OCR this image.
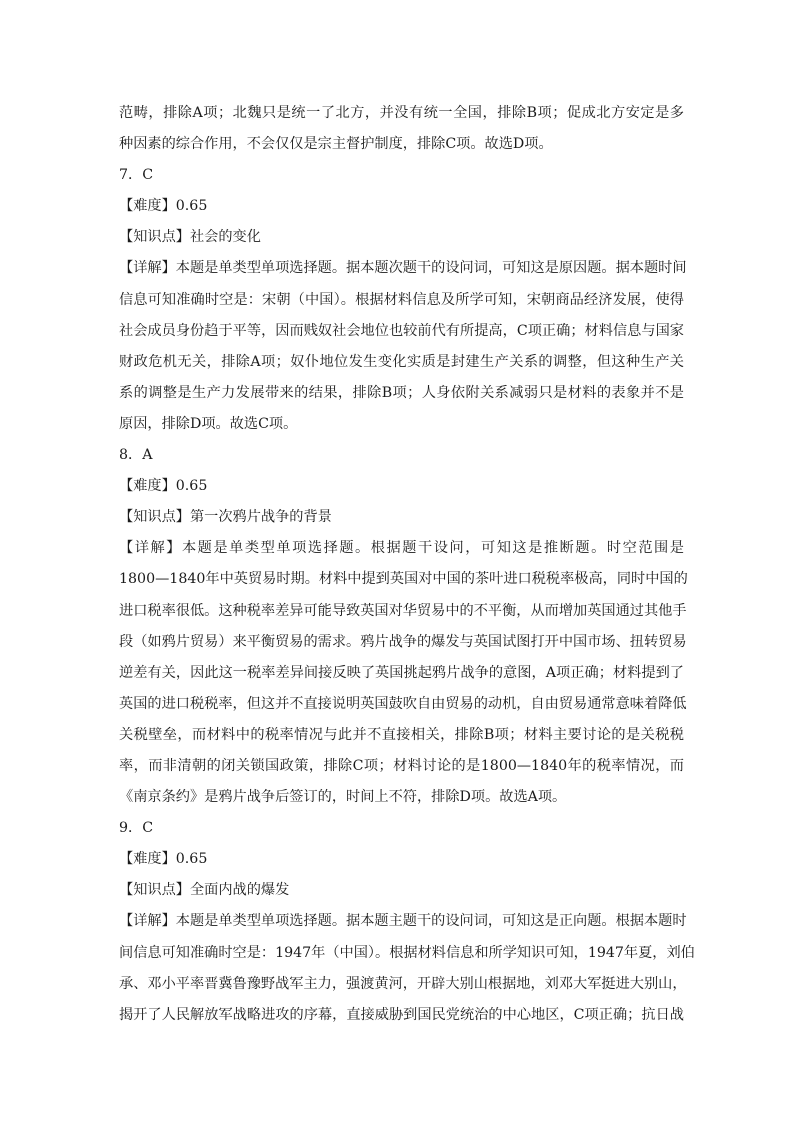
范畴，排除A项；北魏只是统一了北方，并没有统一全国，排除B项；促成北方安定是多
种因素的综合作用，不会仅仅是宗主督护制度，排除C项。故选D项。
7．C
【难度】0.65
【知识点】社会的变化
【详解】本题是单类型单项选择题。据本题次题干的设问词，可知这是原因题。据本题时间
信息可知准确时空是：宋朝（中国）。根据材料信息及所学可知，宋朝商品经济发展，使得
社会成员身份趋于平等，因而贱奴社会地位也较前代有所提高，C项正确；材料信息与国家
财政危机无关，排除A项；奴仆地位发生变化实质是封建生产关系的调整，但这种生产关
系的调整是生产力发展带来的结果，排除B项；人身依附关系减弱只是材料的表象并不是
原因，排除D项。故选C项。
8．A
【难度】0.65
【知识点】第一次鸦片战争的背景
【详解】本题是单类型单项选择题。根据题干设问，可知这是推断题。时空范围是
1800—1840年中英贸易时期。材料中提到英国对中国的茶叶进口税税率极高，同时中国的
进口税率很低。这种税率差异可能导致英国对华贸易中的不平衡，从而增加英国通过其他手
段（如鸦片贸易）来平衡贸易的需求。鸦片战争的爆发与英国试图打开中国市场、扭转贸易
逆差有关，因此这一税率差异间接反映了英国挑起鸦片战争的意图，A项正确；材料提到了
英国的进口税税率，但这并不直接说明英国鼓吹自由贸易的动机，自由贸易通常意味着降低
关税壁垒，而材料中的税率情况与此并不直接相关，排除B项；材料主要讨论的是关税税
率，而非清朝的闭关锁国政策，排除C项；材料讨论的是1800—1840年的税率情况，而
《南京条约》是鸦片战争后签订的，时间上不符，排除D项。故选A项。
9．C
【难度】0.65
【知识点】全面内战的爆发
【详解】本题是单类型单项选择题。据本题主题干的设问词，可知这是正向题。根据本题时
间信息可知准确时空是：1947年（中国）。根据材料信息和所学知识可知，1947年夏，刘伯
承、邓小平率晋冀鲁豫野战军主力，强渡黄河，开辟大别山根据地，刘邓大军挺进大别山，
揭开了人民解放军战略进攻的序幕，直接威胁到国民党统治的中心地区，C项正确；抗日战
